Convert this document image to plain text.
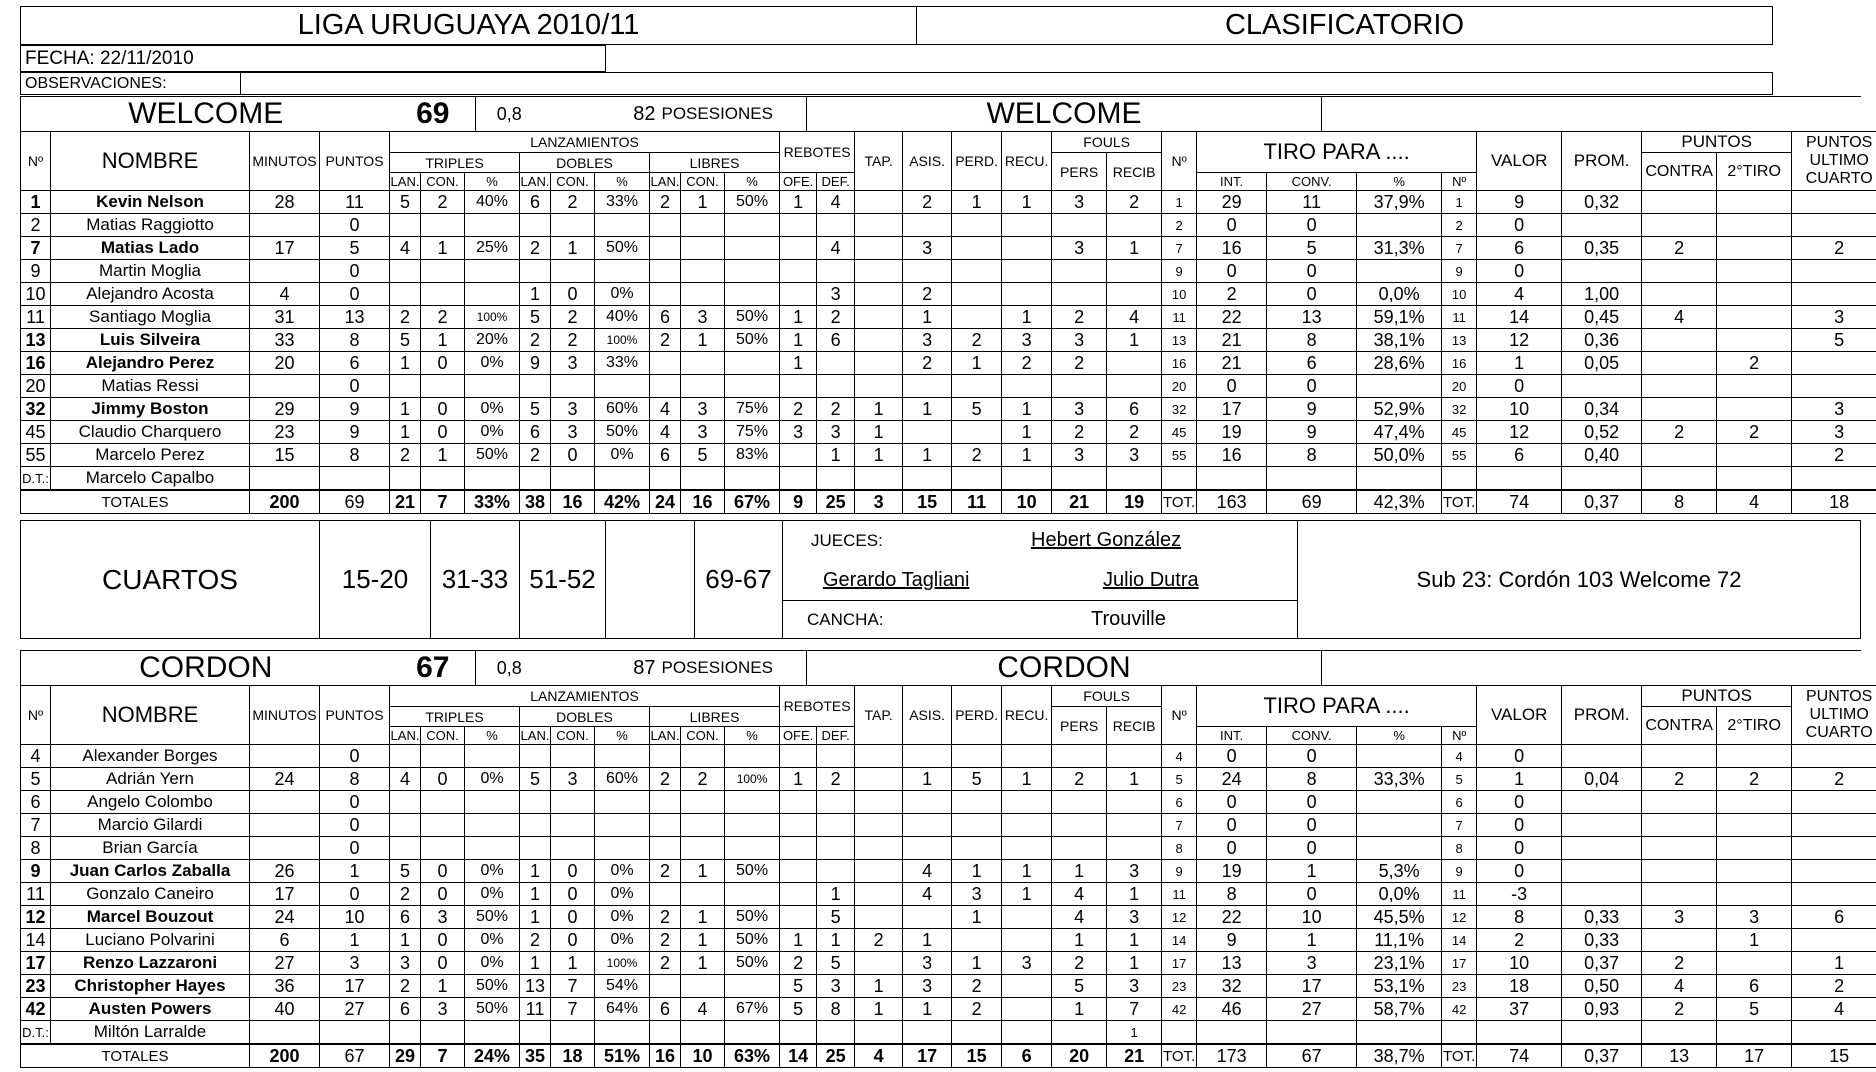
LIGA URUGUAYA 2010/11	CLASIFICATORIO
FECHA: 22/11/2010	
OBSERVACIONES:	
WELCOME	69	0,8	82	POSESIONES	WELCOME	
Nº	NOMBRE	MINUTOS	PUNTOS	LANZAMIENTOS									REBOTES		TAP.	ASIS.	PERD.	RECU.	FOULS		Nº	TIRO PARA ....				VALOR	PROM.	PUNTOS		PUNTOS ULTIMO CUARTO
				TRIPLES			DOBLES			LIBRES									PERS	RECIB								CONTRA	2°TIRO	
				LAN.	CON.	%	LAN.	CON.	%	LAN.	CON.	%	OFE.	DEF.								INT.	CONV.	%	Nº					
1	Kevin Nelson	28	11	5	2	40%	6	2	33%	2	1	50%	1	4		2	1	1	3	2	1	29	11	37,9%	1	9	0,32			
2	Matias Raggiotto		0																		2	0	0		2	0				
7	Matias Lado	17	5	4	1	25%	2	1	50%					4		3			3	1	7	16	5	31,3%	7	6	0,35	2		2
9	Martin Moglia		0																		9	0	0		9	0				
10	Alejandro Acosta	4	0				1	0	0%					3		2					10	2	0	0,0%	10	4	1,00			
11	Santiago Moglia	31	13	2	2	100%	5	2	40%	6	3	50%	1	2		1		1	2	4	11	22	13	59,1%	11	14	0,45	4		3
13	Luis Silveira	33	8	5	1	20%	2	2	100%	2	1	50%	1	6		3	2	3	3	1	13	21	8	38,1%	13	12	0,36			5
16	Alejandro Perez	20	6	1	0	0%	9	3	33%				1			2	1	2	2		16	21	6	28,6%	16	1	0,05		2	
20	Matias Ressi		0																		20	0	0		20	0				
32	Jimmy Boston	29	9	1	0	0%	5	3	60%	4	3	75%	2	2	1	1	5	1	3	6	32	17	9	52,9%	32	10	0,34			3
45	Claudio Charquero	23	9	1	0	0%	6	3	50%	4	3	75%	3	3	1			1	2	2	45	19	9	47,4%	45	12	0,52	2	2	3
55	Marcelo Perez	15	8	2	1	50%	2	0	0%	6	5	83%		1	1	1	2	1	3	3	55	16	8	50,0%	55	6	0,40			2
D.T.:	Marcelo Capalbo																													
TOTALES		200	69	21	7	33%	38	16	42%	24	16	67%	9	25	3	15	11	10	21	19	TOT.	163	69	42,3%	TOT.	74	0,37	8	4	18
CUARTOS	15-20	31-33	51-52		69-67	JUECES:	Hebert González	Sub 23: Cordón 103 Welcome 72
Gerardo Tagliani	Julio Dutra
CANCHA:	Trouville
CORDON	67	0,8	87	POSESIONES	CORDON	
Nº	NOMBRE	MINUTOS	PUNTOS	LANZAMIENTOS									REBOTES		TAP.	ASIS.	PERD.	RECU.	FOULS		Nº	TIRO PARA ....				VALOR	PROM.	PUNTOS		PUNTOS ULTIMO CUARTO
				TRIPLES			DOBLES			LIBRES									PERS	RECIB								CONTRA	2°TIRO	
				LAN.	CON.	%	LAN.	CON.	%	LAN.	CON.	%	OFE.	DEF.								INT.	CONV.	%	Nº					
4	Alexander Borges		0																		4	0	0		4	0				
5	Adrián Yern	24	8	4	0	0%	5	3	60%	2	2	100%	1	2		1	5	1	2	1	5	24	8	33,3%	5	1	0,04	2	2	2
6	Angelo Colombo		0																		6	0	0		6	0				
7	Marcio Gilardi		0																		7	0	0		7	0				
8	Brian García		0																		8	0	0		8	0				
9	Juan Carlos Zaballa	26	1	5	0	0%	1	0	0%	2	1	50%				4	1	1	1	3	9	19	1	5,3%	9	0				
11	Gonzalo Caneiro	17	0	2	0	0%	1	0	0%					1		4	3	1	4	1	11	8	0	0,0%	11	-3				
12	Marcel Bouzout	24	10	6	3	50%	1	0	0%	2	1	50%		5			1		4	3	12	22	10	45,5%	12	8	0,33	3	3	6
14	Luciano Polvarini	6	1	1	0	0%	2	0	0%	2	1	50%	1	1	2	1			1	1	14	9	1	11,1%	14	2	0,33		1	
17	Renzo Lazzaroni	27	3	3	0	0%	1	1	100%	2	1	50%	2	5		3	1	3	2	1	17	13	3	23,1%	17	10	0,37	2		1
23	Christopher Hayes	36	17	2	1	50%	13	7	54%				5	3	1	3	2		5	3	23	32	17	53,1%	23	18	0,50	4	6	2
42	Austen Powers	40	27	6	3	50%	11	7	64%	6	4	67%	5	8	1	1	2		1	7	42	46	27	58,7%	42	37	0,93	2	5	4
D.T.:	Miltón Larralde																			1										
TOTALES		200	67	29	7	24%	35	18	51%	16	10	63%	14	25	4	17	15	6	20	21	TOT.	173	67	38,7%	TOT.	74	0,37	13	17	15
